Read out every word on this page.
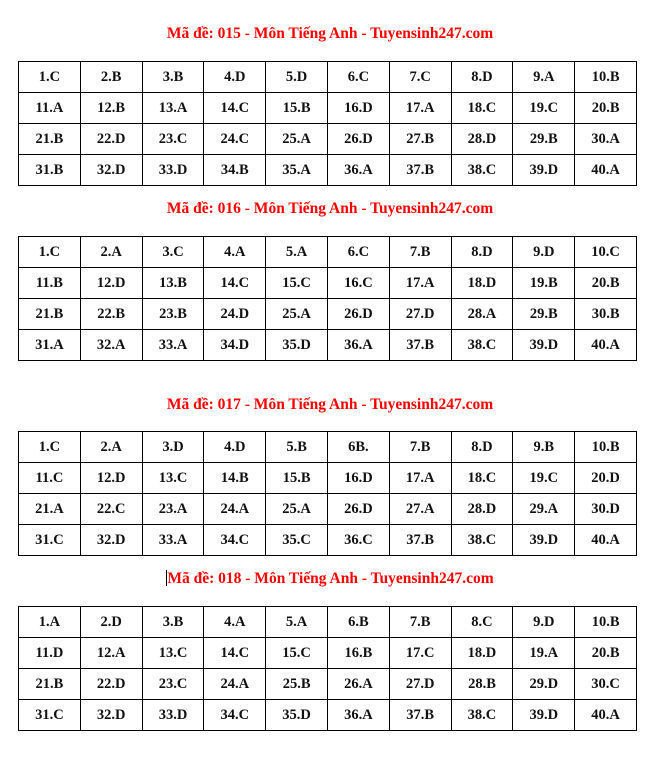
Mã đề: 015 - Môn Tiếng Anh - Tuyensinh247.com
1.C	2.B	3.B	4.D	5.D	6.C	7.C	8.D	9.A	10.B
11.A	12.B	13.A	14.C	15.B	16.D	17.A	18.C	19.C	20.B
21.B	22.D	23.C	24.C	25.A	26.D	27.B	28.D	29.B	30.A
31.B	32.D	33.D	34.B	35.A	36.A	37.B	38.C	39.D	40.A
Mã đề: 016 - Môn Tiếng Anh - Tuyensinh247.com
1.C	2.A	3.C	4.A	5.A	6.C	7.B	8.D	9.D	10.C
11.B	12.D	13.B	14.C	15.C	16.C	17.A	18.D	19.B	20.B
21.B	22.B	23.B	24.D	25.A	26.D	27.D	28.A	29.B	30.B
31.A	32.A	33.A	34.D	35.D	36.A	37.B	38.C	39.D	40.A
Mã đề: 017 - Môn Tiếng Anh - Tuyensinh247.com
1.C	2.A	3.D	4.D	5.B	6B.	7.B	8.D	9.B	10.B
11.C	12.D	13.C	14.B	15.B	16.D	17.A	18.C	19.C	20.D
21.A	22.C	23.A	24.A	25.A	26.D	27.A	28.D	29.A	30.D
31.C	32.D	33.A	34.C	35.C	36.C	37.B	38.C	39.D	40.A
Mã đề: 018 - Môn Tiếng Anh - Tuyensinh247.com
1.A	2.D	3.B	4.A	5.A	6.B	7.B	8.C	9.D	10.B
11.D	12.A	13.C	14.C	15.C	16.B	17.C	18.D	19.A	20.B
21.B	22.D	23.C	24.A	25.B	26.A	27.D	28.B	29.D	30.C
31.C	32.D	33.D	34.C	35.D	36.A	37.B	38.C	39.D	40.A
